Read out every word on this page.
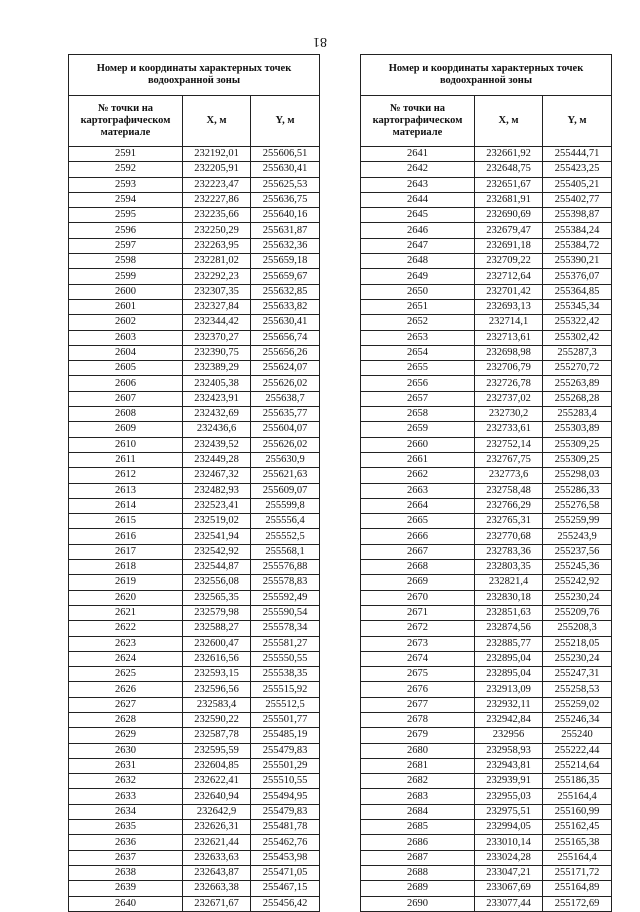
81
Номер и координаты характерных точек водоохранной зоны		
№ точки на картографическом материале	X, м	Y, м
2591	232192,01	255606,51
2592	232205,91	255630,41
2593	232223,47	255625,53
2594	232227,86	255636,75
2595	232235,66	255640,16
2596	232250,29	255631,87
2597	232263,95	255632,36
2598	232281,02	255659,18
2599	232292,23	255659,67
2600	232307,35	255632,85
2601	232327,84	255633,82
2602	232344,42	255630,41
2603	232370,27	255656,74
2604	232390,75	255656,26
2605	232389,29	255624,07
2606	232405,38	255626,02
2607	232423,91	255638,7
2608	232432,69	255635,77
2609	232436,6	255604,07
2610	232439,52	255626,02
2611	232449,28	255630,9
2612	232467,32	255621,63
2613	232482,93	255609,07
2614	232523,41	255599,8
2615	232519,02	255556,4
2616	232541,94	255552,5
2617	232542,92	255568,1
2618	232544,87	255576,88
2619	232556,08	255578,83
2620	232565,35	255592,49
2621	232579,98	255590,54
2622	232588,27	255578,34
2623	232600,47	255581,27
2624	232616,56	255550,55
2625	232593,15	255538,35
2626	232596,56	255515,92
2627	232583,4	255512,5
2628	232590,22	255501,77
2629	232587,78	255485,19
2630	232595,59	255479,83
2631	232604,85	255501,29
2632	232622,41	255510,55
2633	232640,94	255494,95
2634	232642,9	255479,83
2635	232626,31	255481,78
2636	232621,44	255462,76
2637	232633,63	255453,98
2638	232643,87	255471,05
2639	232663,38	255467,15
2640	232671,67	255456,42
Номер и координаты характерных точек водоохранной зоны		
№ точки на картографическом материале	X, м	Y, м
2641	232661,92	255444,71
2642	232648,75	255423,25
2643	232651,67	255405,21
2644	232681,91	255402,77
2645	232690,69	255398,87
2646	232679,47	255384,24
2647	232691,18	255384,72
2648	232709,22	255390,21
2649	232712,64	255376,07
2650	232701,42	255364,85
2651	232693,13	255345,34
2652	232714,1	255322,42
2653	232713,61	255302,42
2654	232698,98	255287,3
2655	232706,79	255270,72
2656	232726,78	255263,89
2657	232737,02	255268,28
2658	232730,2	255283,4
2659	232733,61	255303,89
2660	232752,14	255309,25
2661	232767,75	255309,25
2662	232773,6	255298,03
2663	232758,48	255286,33
2664	232766,29	255276,58
2665	232765,31	255259,99
2666	232770,68	255243,9
2667	232783,36	255237,56
2668	232803,35	255245,36
2669	232821,4	255242,92
2670	232830,18	255230,24
2671	232851,63	255209,76
2672	232874,56	255208,3
2673	232885,77	255218,05
2674	232895,04	255230,24
2675	232895,04	255247,31
2676	232913,09	255258,53
2677	232932,11	255259,02
2678	232942,84	255246,34
2679	232956	255240
2680	232958,93	255222,44
2681	232943,81	255214,64
2682	232939,91	255186,35
2683	232955,03	255164,4
2684	232975,51	255160,99
2685	232994,05	255162,45
2686	233010,14	255165,38
2687	233024,28	255164,4
2688	233047,21	255171,72
2689	233067,69	255164,89
2690	233077,44	255172,69
